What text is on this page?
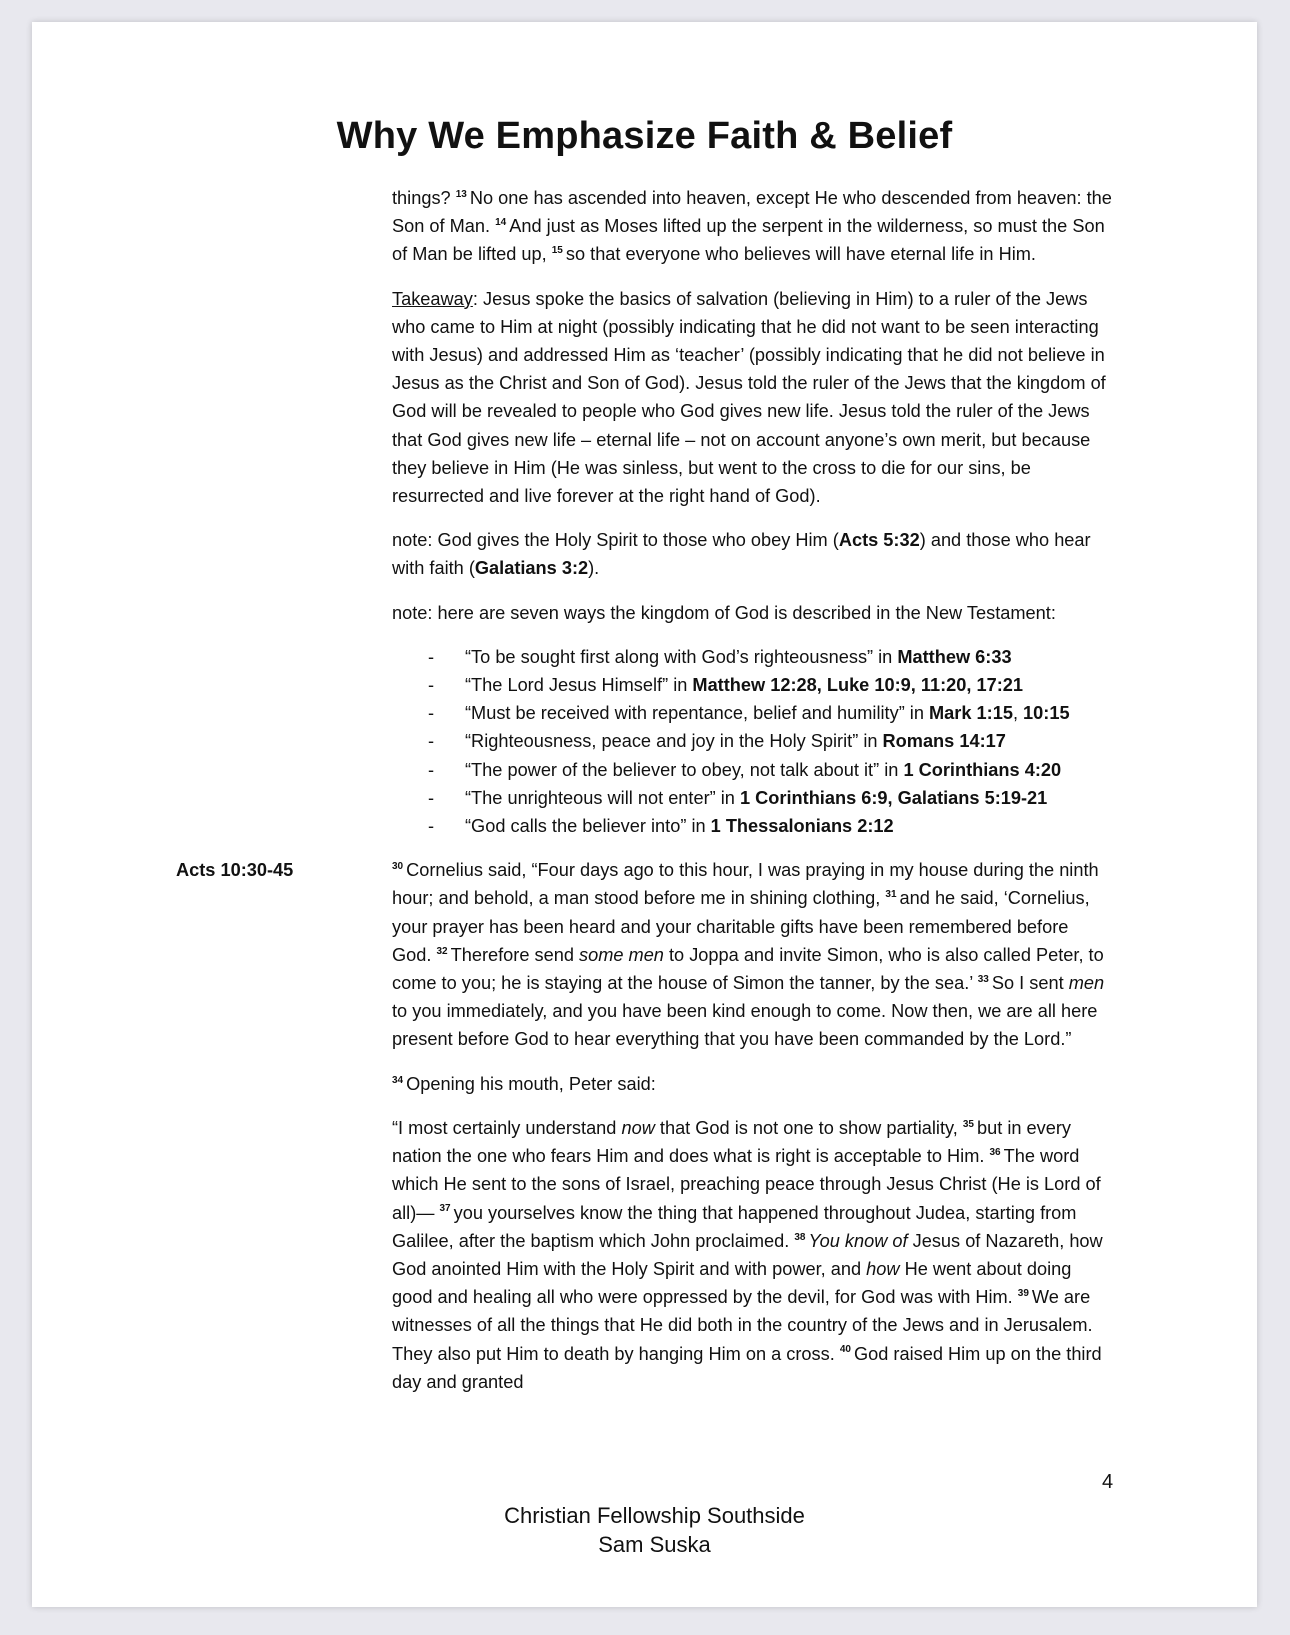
Why We Emphasize Faith & Belief

things? $^{13}$ No one has ascended into heaven, except He who descended from heaven: the Son of Man. $^{14}$ And just as Moses lifted up the serpent in the wilderness, so must the Son of Man be lifted up, $^{15}$ so that everyone who believes will have eternal life in Him.

Takeaway: Jesus spoke the basics of salvation (believing in Him) to a ruler of the Jews who came to Him at night (possibly indicating that he did not want to be seen interacting with Jesus) and addressed Him as ‘teacher’ (possibly indicating that he did not believe in Jesus as the Christ and Son of God). Jesus told the ruler of the Jews that the kingdom of God will be revealed to people who God gives new life. Jesus told the ruler of the Jews that God gives new life – eternal life – not on account anyone’s own merit, but because they believe in Him (He was sinless, but went to the cross to die for our sins, be resurrected and live forever at the right hand of God).

note: God gives the Holy Spirit to those who obey Him (Acts 5:32) and those who hear with faith (Galatians 3:2).

note: here are seven ways the kingdom of God is described in the New Testament:

- “To be sought first along with God’s righteousness” in Matthew 6:33
- “The Lord Jesus Himself” in Matthew 12:28, Luke 10:9, 11:20, 17:21
- “Must be received with repentance, belief and humility” in Mark 1:15, 10:15
- “Righteousness, peace and joy in the Holy Spirit” in Romans 14:17
- “The power of the believer to obey, not talk about it” in 1 Corinthians 4:20
- “The unrighteous will not enter” in 1 Corinthians 6:9, Galatians 5:19-21
- “God calls the believer into” in 1 Thessalonians 2:12

$^{30}$ Cornelius said, “Four days ago to this hour, I was praying in my house during the ninth hour; and behold, a man stood before me in shining clothing, $^{31}$ and he said, ‘Cornelius, your prayer has been heard and your charitable gifts have been remembered before God. $^{32}$ Therefore send some men to Joppa and invite Simon, who is also called Peter, to come to you; he is staying at the house of Simon the tanner, by the sea.’ $^{33}$ So I sent men to you immediately, and you have been kind enough to come. Now then, we are all here present before God to hear everything that you have been commanded by the Lord.”

$^{34}$ Opening his mouth, Peter said:

“I most certainly understand now that God is not one to show partiality, $^{35}$ but in every nation the one who fears Him and does what is right is acceptable to Him. $^{36}$ The word which He sent to the sons of Israel, preaching peace through Jesus Christ (He is Lord of all)— $^{37}$ you yourselves know the thing that happened throughout Judea, starting from Galilee, after the baptism which John proclaimed. $^{38}$ You know of Jesus of Nazareth, how God anointed Him with the Holy Spirit and with power, and how He went about doing good and healing all who were oppressed by the devil, for God was with Him. $^{39}$ We are witnesses of all the things that He did both in the country of the Jews and in Jerusalem. They also put Him to death by hanging Him on a cross. $^{40}$ God raised Him up on the third day and granted

Acts 10:30-45
4
Christian Fellowship Southside
Sam Suska
